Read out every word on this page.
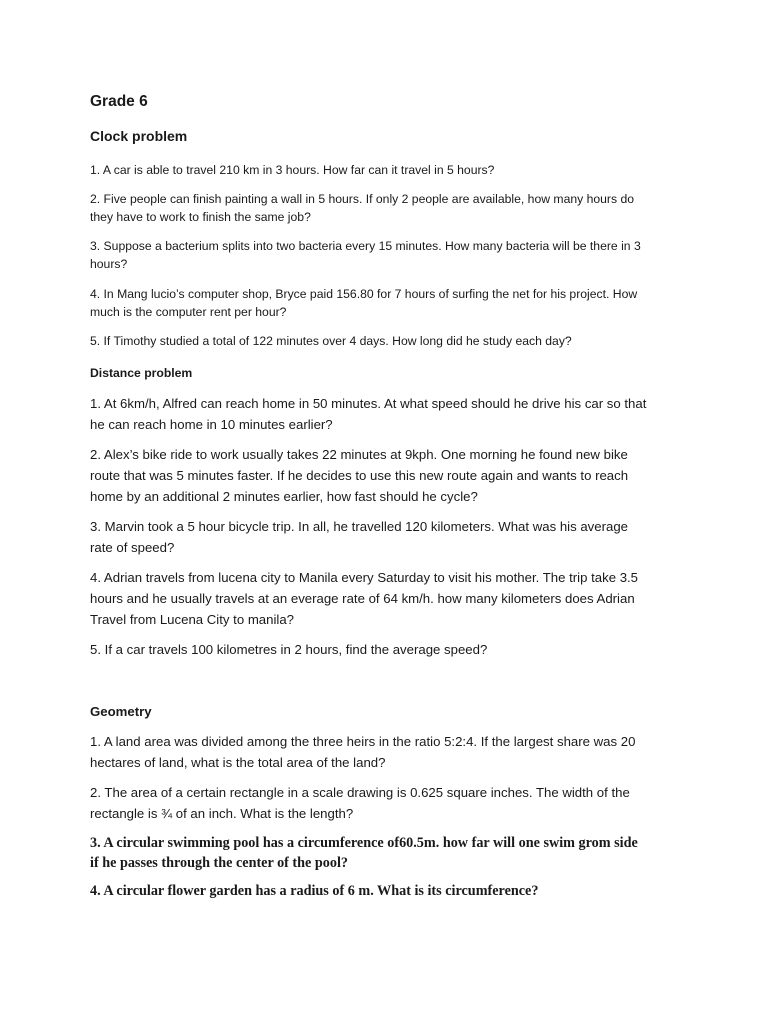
Grade 6

Clock problem

1. A car is able to travel 210 km in 3 hours. How far can it travel in 5 hours?

2. Five people can finish painting a wall in 5 hours. If only 2 people are available, how many hours do
they have to work to finish the same job?

3. Suppose a bacterium splits into two bacteria every 15 minutes. How many bacteria will be there in 3
hours?

4. In Mang lucio’s computer shop, Bryce paid 156.80 for 7 hours of surfing the net for his project. How
much is the computer rent per hour?

5. If Timothy studied a total of 122 minutes over 4 days. How long did he study each day?

Distance problem

1. At 6km/h, Alfred can reach home in 50 minutes. At what speed should he drive his car so that
he can reach home in 10 minutes earlier?

2. Alex’s bike ride to work usually takes 22 minutes at 9kph. One morning he found new bike
route that was 5 minutes faster. If he decides to use this new route again and wants to reach
home by an additional 2 minutes earlier, how fast should he cycle?

3. Marvin took a 5 hour bicycle trip. In all, he travelled 120 kilometers. What was his average
rate of speed?

4. Adrian travels from lucena city to Manila every Saturday to visit his mother. The trip take 3.5
hours and he usually travels at an everage rate of 64 km/h. how many kilometers does Adrian
Travel from Lucena City to manila?

5. If a car travels 100 kilometres in 2 hours, find the average speed?

Geometry

1. A land area was divided among the three heirs in the ratio 5:2:4. If the largest share was 20
hectares of land, what is the total area of the land?

2. The area of a certain rectangle in a scale drawing is 0.625 square inches. The width of the
rectangle is ¾ of an inch. What is the length?

3. A circular swimming pool has a circumference of60.5m. how far will one swim grom side
if he passes through the center of the pool?

4. A circular flower garden has a radius of 6 m. What is its circumference?
